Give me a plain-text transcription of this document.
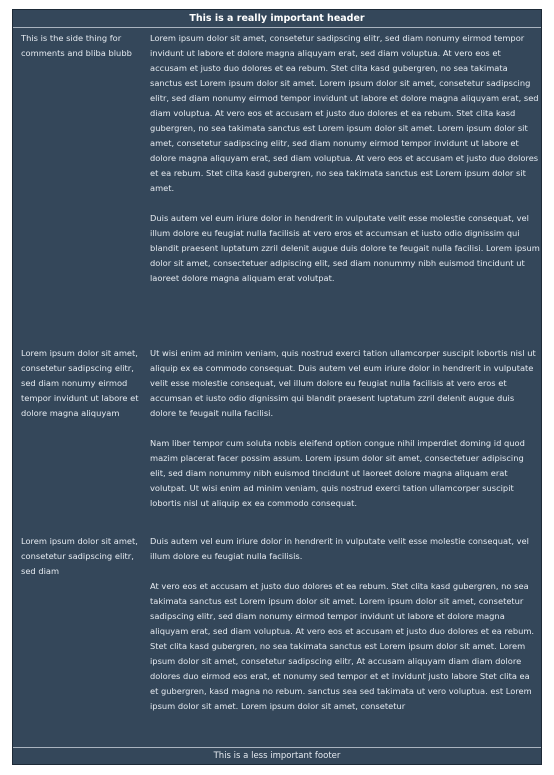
This is a really important header
This is the side thing for comments and bliba blubb

Lorem ipsum dolor sit amet, consetetur sadipscing elitr, sed diam nonumy eirmod tempor invidunt ut labore et dolore magna aliquyam erat, sed diam voluptua. At vero eos et accusam et justo duo dolores et ea rebum. Stet clita kasd gubergren, no sea takimata sanctus est Lorem ipsum dolor sit amet. Lorem ipsum dolor sit amet, consetetur sadipscing elitr, sed diam nonumy eirmod tempor invidunt ut labore et dolore magna aliquyam erat, sed diam voluptua. At vero eos et accusam et justo duo dolores et ea rebum. Stet clita kasd gubergren, no sea takimata sanctus est Lorem ipsum dolor sit amet. Lorem ipsum dolor sit amet, consetetur sadipscing elitr, sed diam nonumy eirmod tempor invidunt ut labore et dolore magna aliquyam erat, sed diam voluptua. At vero eos et accusam et justo duo dolores et ea rebum. Stet clita kasd gubergren, no sea takimata sanctus est Lorem ipsum dolor sit amet.

Duis autem vel eum iriure dolor in hendrerit in vulputate velit esse molestie consequat, vel illum dolore eu feugiat nulla facilisis at vero eros et accumsan et iusto odio dignissim qui blandit praesent luptatum zzril delenit augue duis dolore te feugait nulla facilisi. Lorem ipsum dolor sit amet, consectetuer adipiscing elit, sed diam nonummy nibh euismod tincidunt ut laoreet dolore magna aliquam erat volutpat.

Lorem ipsum dolor sit amet, consetetur sadipscing elitr, sed diam nonumy eirmod tempor invidunt ut labore et dolore magna aliquyam

Ut wisi enim ad minim veniam, quis nostrud exerci tation ullamcorper suscipit lobortis nisl ut aliquip ex ea commodo consequat. Duis autem vel eum iriure dolor in hendrerit in vulputate velit esse molestie consequat, vel illum dolore eu feugiat nulla facilisis at vero eros et accumsan et iusto odio dignissim qui blandit praesent luptatum zzril delenit augue duis dolore te feugait nulla facilisi.

Nam liber tempor cum soluta nobis eleifend option congue nihil imperdiet doming id quod mazim placerat facer possim assum. Lorem ipsum dolor sit amet, consectetuer adipiscing elit, sed diam nonummy nibh euismod tincidunt ut laoreet dolore magna aliquam erat volutpat. Ut wisi enim ad minim veniam, quis nostrud exerci tation ullamcorper suscipit lobortis nisl ut aliquip ex ea commodo consequat.

Lorem ipsum dolor sit amet, consetetur sadipscing elitr, sed diam

Duis autem vel eum iriure dolor in hendrerit in vulputate velit esse molestie consequat, vel illum dolore eu feugiat nulla facilisis.

At vero eos et accusam et justo duo dolores et ea rebum. Stet clita kasd gubergren, no sea takimata sanctus est Lorem ipsum dolor sit amet. Lorem ipsum dolor sit amet, consetetur sadipscing elitr, sed diam nonumy eirmod tempor invidunt ut labore et dolore magna aliquyam erat, sed diam voluptua. At vero eos et accusam et justo duo dolores et ea rebum. Stet clita kasd gubergren, no sea takimata sanctus est Lorem ipsum dolor sit amet. Lorem ipsum dolor sit amet, consetetur sadipscing elitr, At accusam aliquyam diam diam dolore dolores duo eirmod eos erat, et nonumy sed tempor et et invidunt justo labore Stet clita ea et gubergren, kasd magna no rebum. sanctus sea sed takimata ut vero voluptua. est Lorem ipsum dolor sit amet. Lorem ipsum dolor sit amet, consetetur

This is a less important footer
